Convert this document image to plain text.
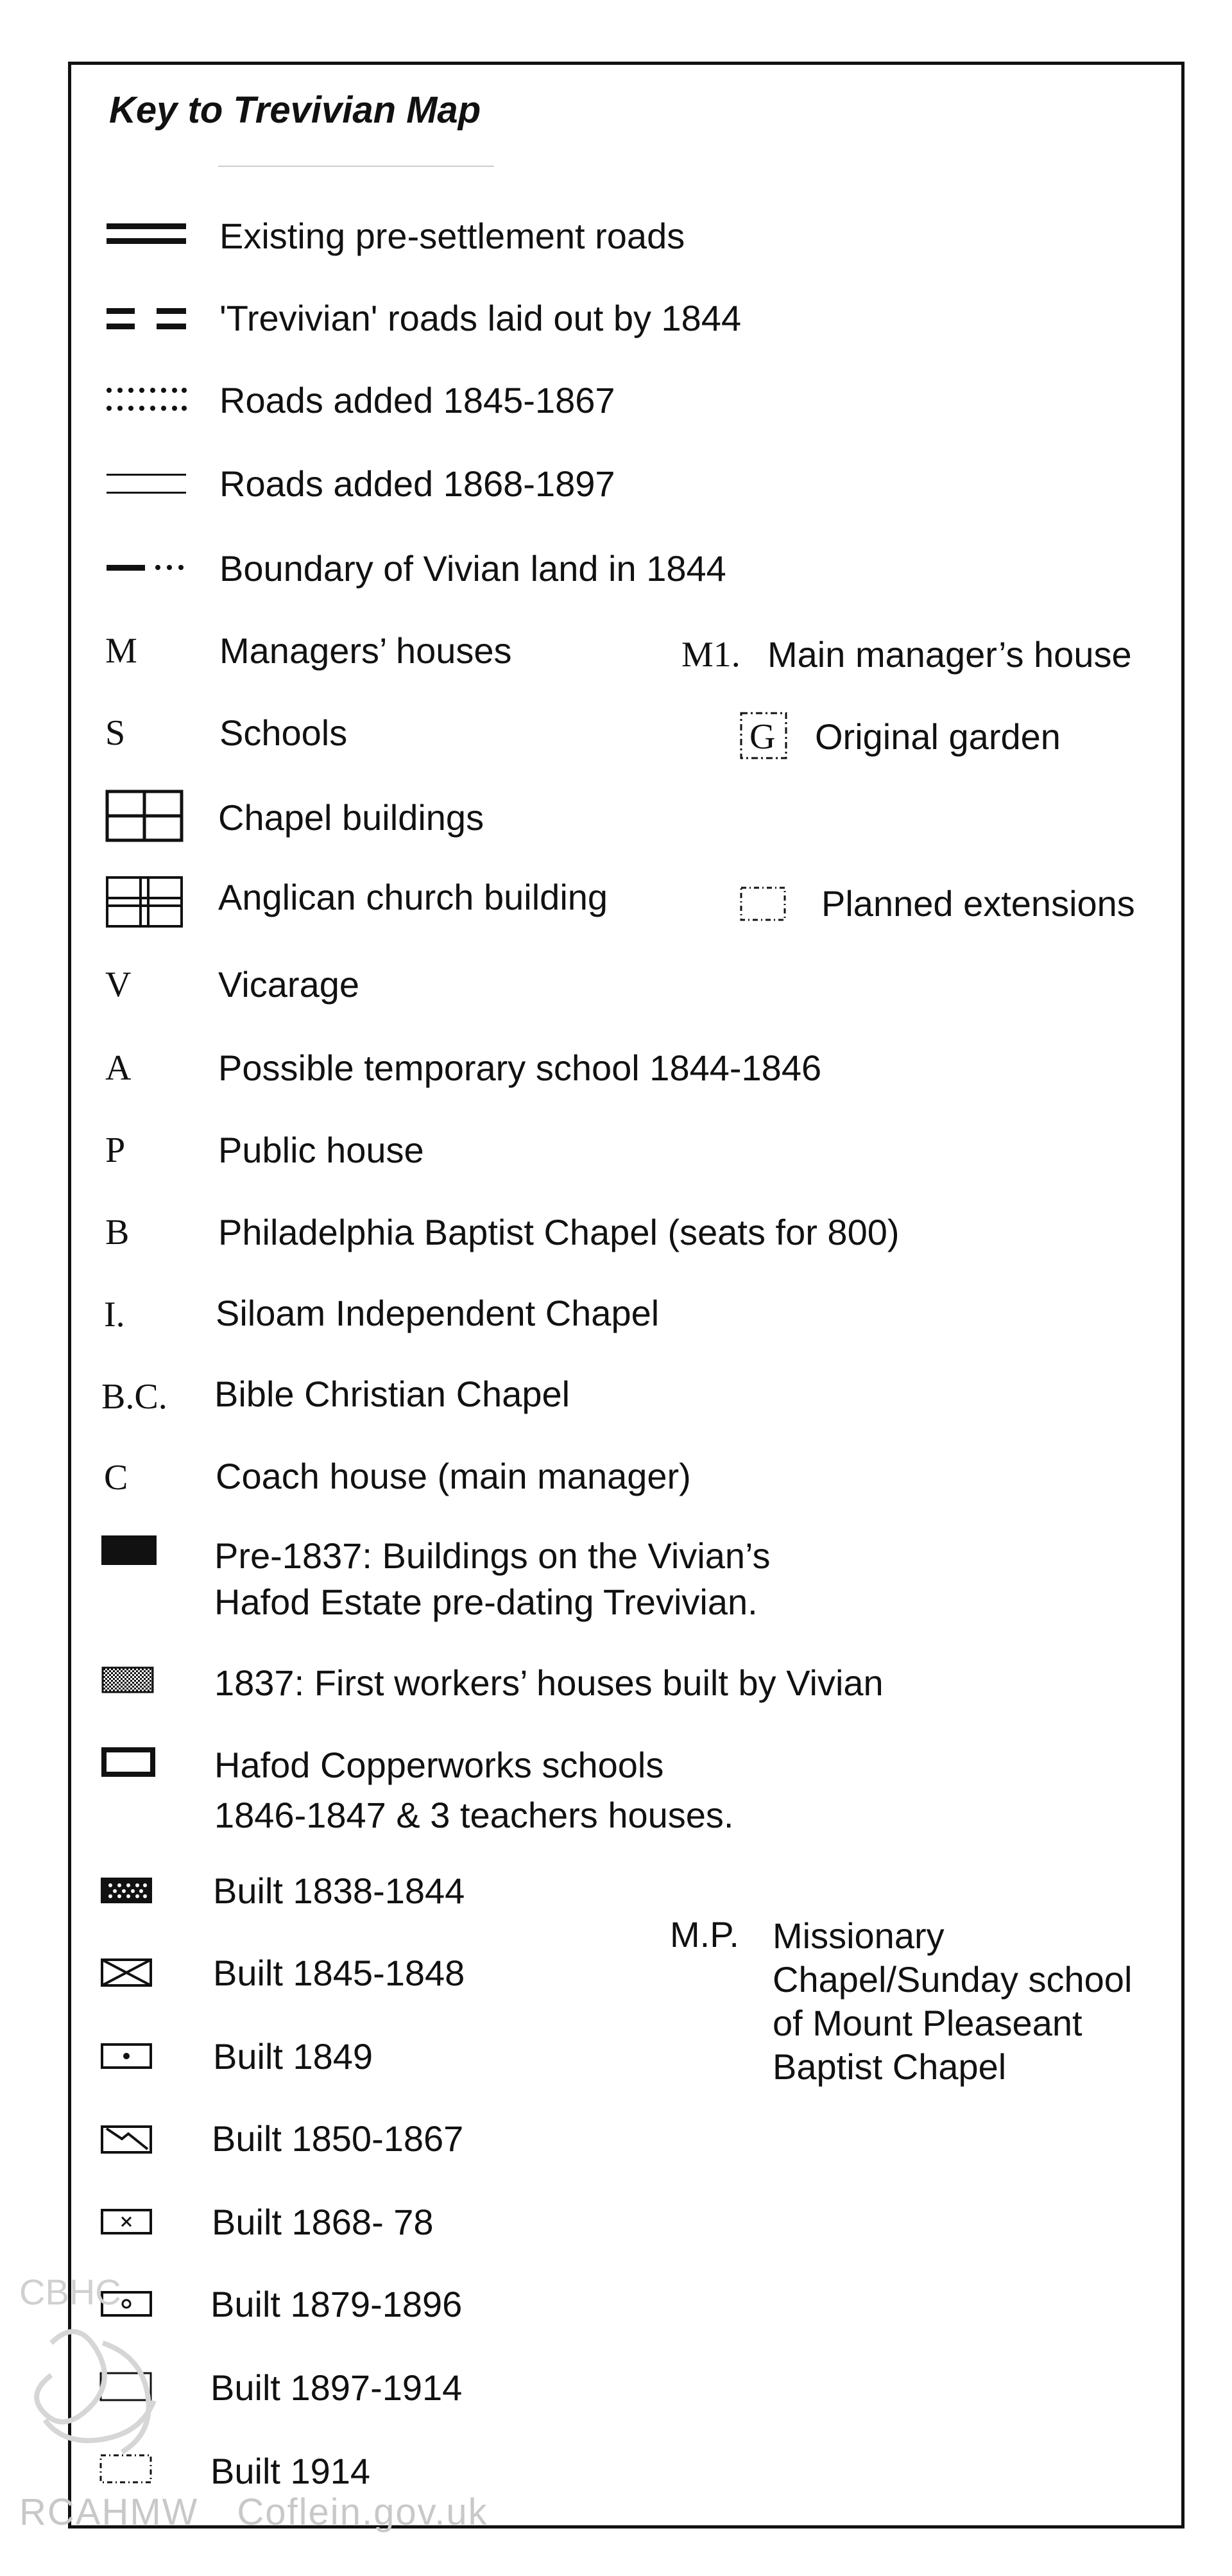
Key to Trevivian Map
Existing pre-settlement roads
'Trevivian' roads laid out by 1844
Roads added 1845-1867
Roads added 1868-1897
Boundary of Vivian land in 1844
M Managers’ houses	M1. Main manager’s house
S	Schools	G Original garden
Chapel buildings
Anglican church building	Planned extensions
V Vicarage
A Possible temporary school 1844-1846
P	Public house
B Philadelphia Baptist Chapel (seats for 800)
I.	Siloam Independent Chapel
B.C. Bible Christian Chapel
C Coach house (main manager)
Pre-1837: Buildings on the Vivian’s
Hafod Estate pre-dating Trevivian.
1837: First workers’ houses built by Vivian
Hafod Copperworks schools
1846-1847 & 3 teachers houses.
Built 1838-1844
Built 1845-1848
Built 1849
Built 1850-1867
Built 1868- 78
Built 1879-1896
Built 1897-1914
Built 1914
M.P. Missionary
Chapel/Sunday school
of Mount Pleaseant
Baptist Chapel
CBHC
RCAHMW Coflein.gov.uk
